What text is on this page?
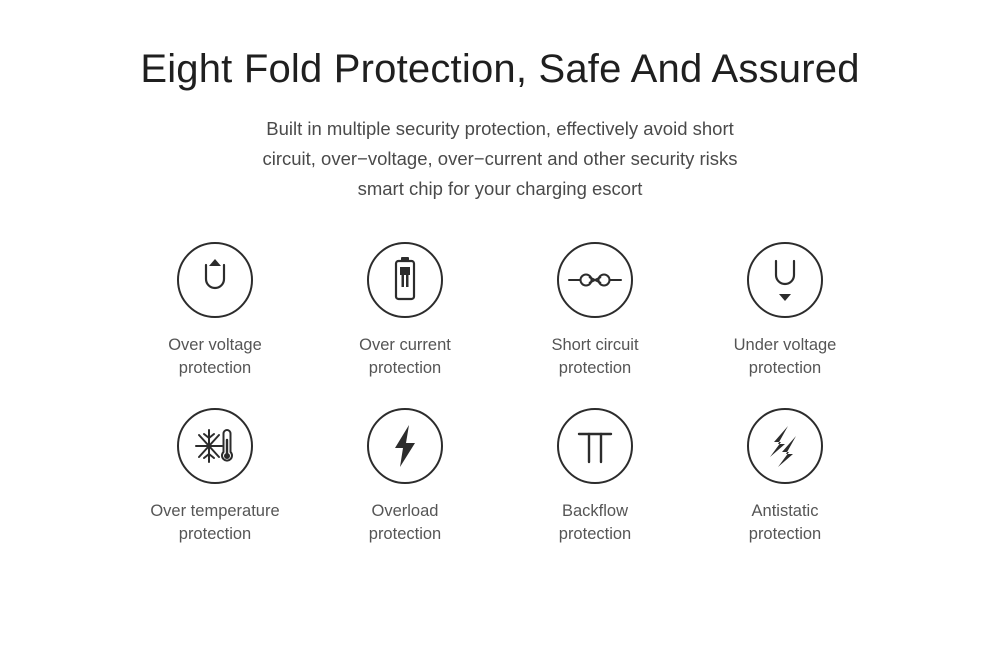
Eight Fold Protection, Safe And Assured
Built in multiple security protection, effectively avoid short
circuit, over−voltage, over−current and other security risks
smart chip for your charging escort
Over voltage
protection
Over current
protection
Short circuit
protection
Under voltage
protection
Over temperature
protection
Overload
protection
Backflow
protection
Antistatic
protection
